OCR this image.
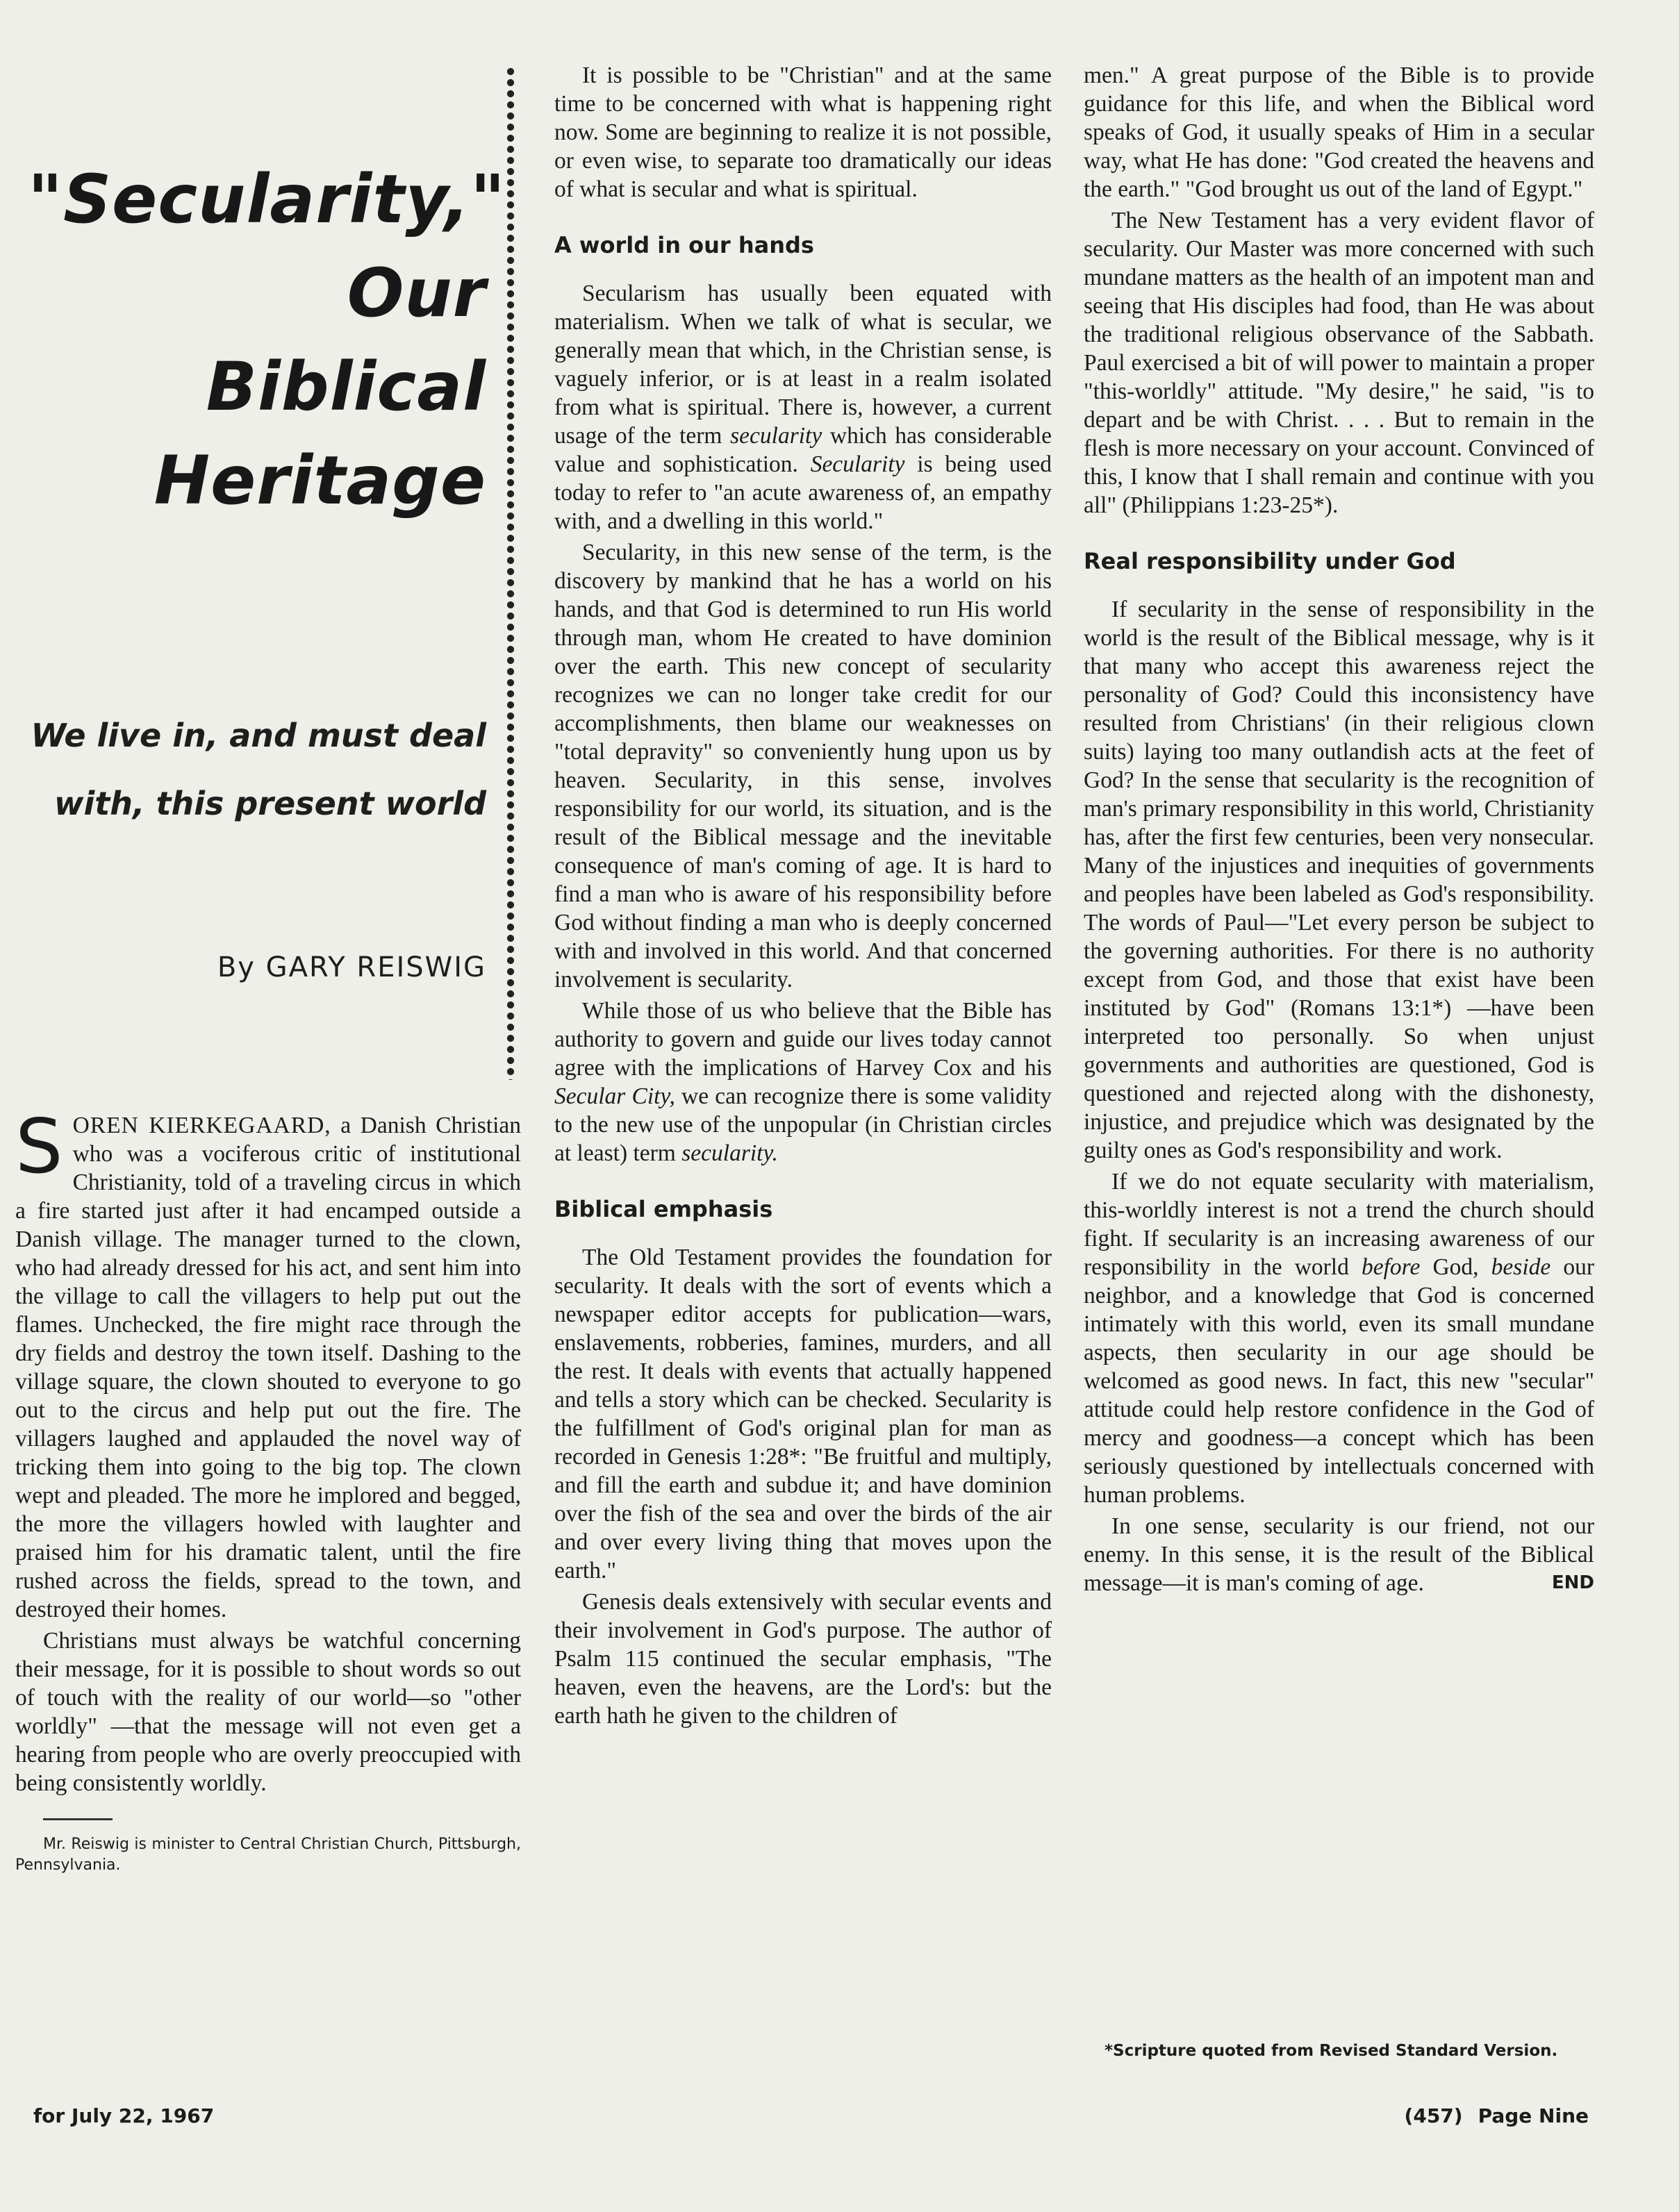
"Secularity,"
Our
Biblical
Heritage
We live in, and must deal
with, this present world
By GARY REISWIG

SOREN KIERKEGAARD, a Danish Christian who was a vociferous critic of institutional Christianity, told of a traveling circus in which a fire started just after it had encamped outside a Danish village. The manager turned to the clown, who had already dressed for his act, and sent him into the village to call the villagers to help put out the flames. Unchecked, the fire might race through the dry fields and destroy the town itself. Dashing to the village square, the clown shouted to everyone to go out to the circus and help put out the fire. The villagers laughed and applauded the novel way of tricking them into going to the big top. The clown wept and pleaded. The more he implored and begged, the more the villagers howled with laughter and praised him for his dramatic talent, until the fire rushed across the fields, spread to the town, and destroyed their homes.

Christians must always be watchful concerning their message, for it is possible to shout words so out of touch with the reality of our world—so "other worldly" —that the message will not even get a hearing from people who are overly preoccupied with being consistently worldly.

Mr. Reiswig is minister to Central Christian Church, Pittsburgh, Pennsylvania.

It is possible to be "Christian" and at the same time to be concerned with what is happening right now. Some are beginning to realize it is not possible, or even wise, to separate too dramatically our ideas of what is secular and what is spiritual.

A world in our hands

Secularism has usually been equated with materialism. When we talk of what is secular, we generally mean that which, in the Christian sense, is vaguely inferior, or is at least in a realm isolated from what is spiritual. There is, however, a current usage of the term secularity which has considerable value and sophistication. Secularity is being used today to refer to "an acute awareness of, an empathy with, and a dwelling in this world."

Secularity, in this new sense of the term, is the discovery by mankind that he has a world on his hands, and that God is determined to run His world through man, whom He created to have dominion over the earth. This new concept of secularity recognizes we can no longer take credit for our accomplishments, then blame our weaknesses on "total depravity" so conveniently hung upon us by heaven. Secularity, in this sense, involves responsibility for our world, its situation, and is the result of the Biblical message and the inevitable consequence of man's coming of age. It is hard to find a man who is aware of his responsibility before God without finding a man who is deeply concerned with and involved in this world. And that concerned involvement is secularity.

While those of us who believe that the Bible has authority to govern and guide our lives today cannot agree with the implications of Harvey Cox and his Secular City, we can recognize there is some validity to the new use of the unpopular (in Christian circles at least) term secularity.

Biblical emphasis

The Old Testament provides the foundation for secularity. It deals with the sort of events which a newspaper editor accepts for publication—wars, enslavements, robberies, famines, murders, and all the rest. It deals with events that actually happened and tells a story which can be checked. Secularity is the fulfillment of God's original plan for man as recorded in Genesis 1:28*: "Be fruitful and multiply, and fill the earth and subdue it; and have dominion over the fish of the sea and over the birds of the air and over every living thing that moves upon the earth."

Genesis deals extensively with secular events and their involvement in God's purpose. The author of Psalm 115 continued the secular emphasis, "The heaven, even the heavens, are the Lord's: but the earth hath he given to the children of

men." A great purpose of the Bible is to provide guidance for this life, and when the Biblical word speaks of God, it usually speaks of Him in a secular way, what He has done: "God created the heavens and the earth." "God brought us out of the land of Egypt."

The New Testament has a very evident flavor of secularity. Our Master was more concerned with such mundane matters as the health of an impotent man and seeing that His disciples had food, than He was about the traditional religious observance of the Sabbath. Paul exercised a bit of will power to maintain a proper "this-worldly" attitude. "My desire," he said, "is to depart and be with Christ. . . . But to remain in the flesh is more necessary on your account. Convinced of this, I know that I shall remain and continue with you all" (Philippians 1:23-25*).

Real responsibility under God

If secularity in the sense of responsibility in the world is the result of the Biblical message, why is it that many who accept this awareness reject the personality of God? Could this inconsistency have resulted from Christians' (in their religious clown suits) laying too many outlandish acts at the feet of God? In the sense that secularity is the recognition of man's primary responsibility in this world, Christianity has, after the first few centuries, been very nonsecular. Many of the injustices and inequities of governments and peoples have been labeled as God's responsibility. The words of Paul—"Let every person be subject to the governing authorities. For there is no authority except from God, and those that exist have been instituted by God" (Romans 13:1*) —have been interpreted too personally. So when unjust governments and authorities are questioned, God is questioned and rejected along with the dishonesty, injustice, and prejudice which was designated by the guilty ones as God's responsibility and work.

If we do not equate secularity with materialism, this-worldly interest is not a trend the church should fight. If secularity is an increasing awareness of our responsibility in the world before God, beside our neighbor, and a knowledge that God is concerned intimately with this world, even its small mundane aspects, then secularity in our age should be welcomed as good news. In fact, this new "secular" attitude could help restore confidence in the God of mercy and goodness—a concept which has been seriously questioned by intellectuals concerned with human problems.

In one sense, secularity is our friend, not our enemy. In this sense, it is the result of the Biblical message—it is man's coming of age.	END

*Scripture quoted from Revised Standard Version.
for July 22, 1967	(457) Page Nine
